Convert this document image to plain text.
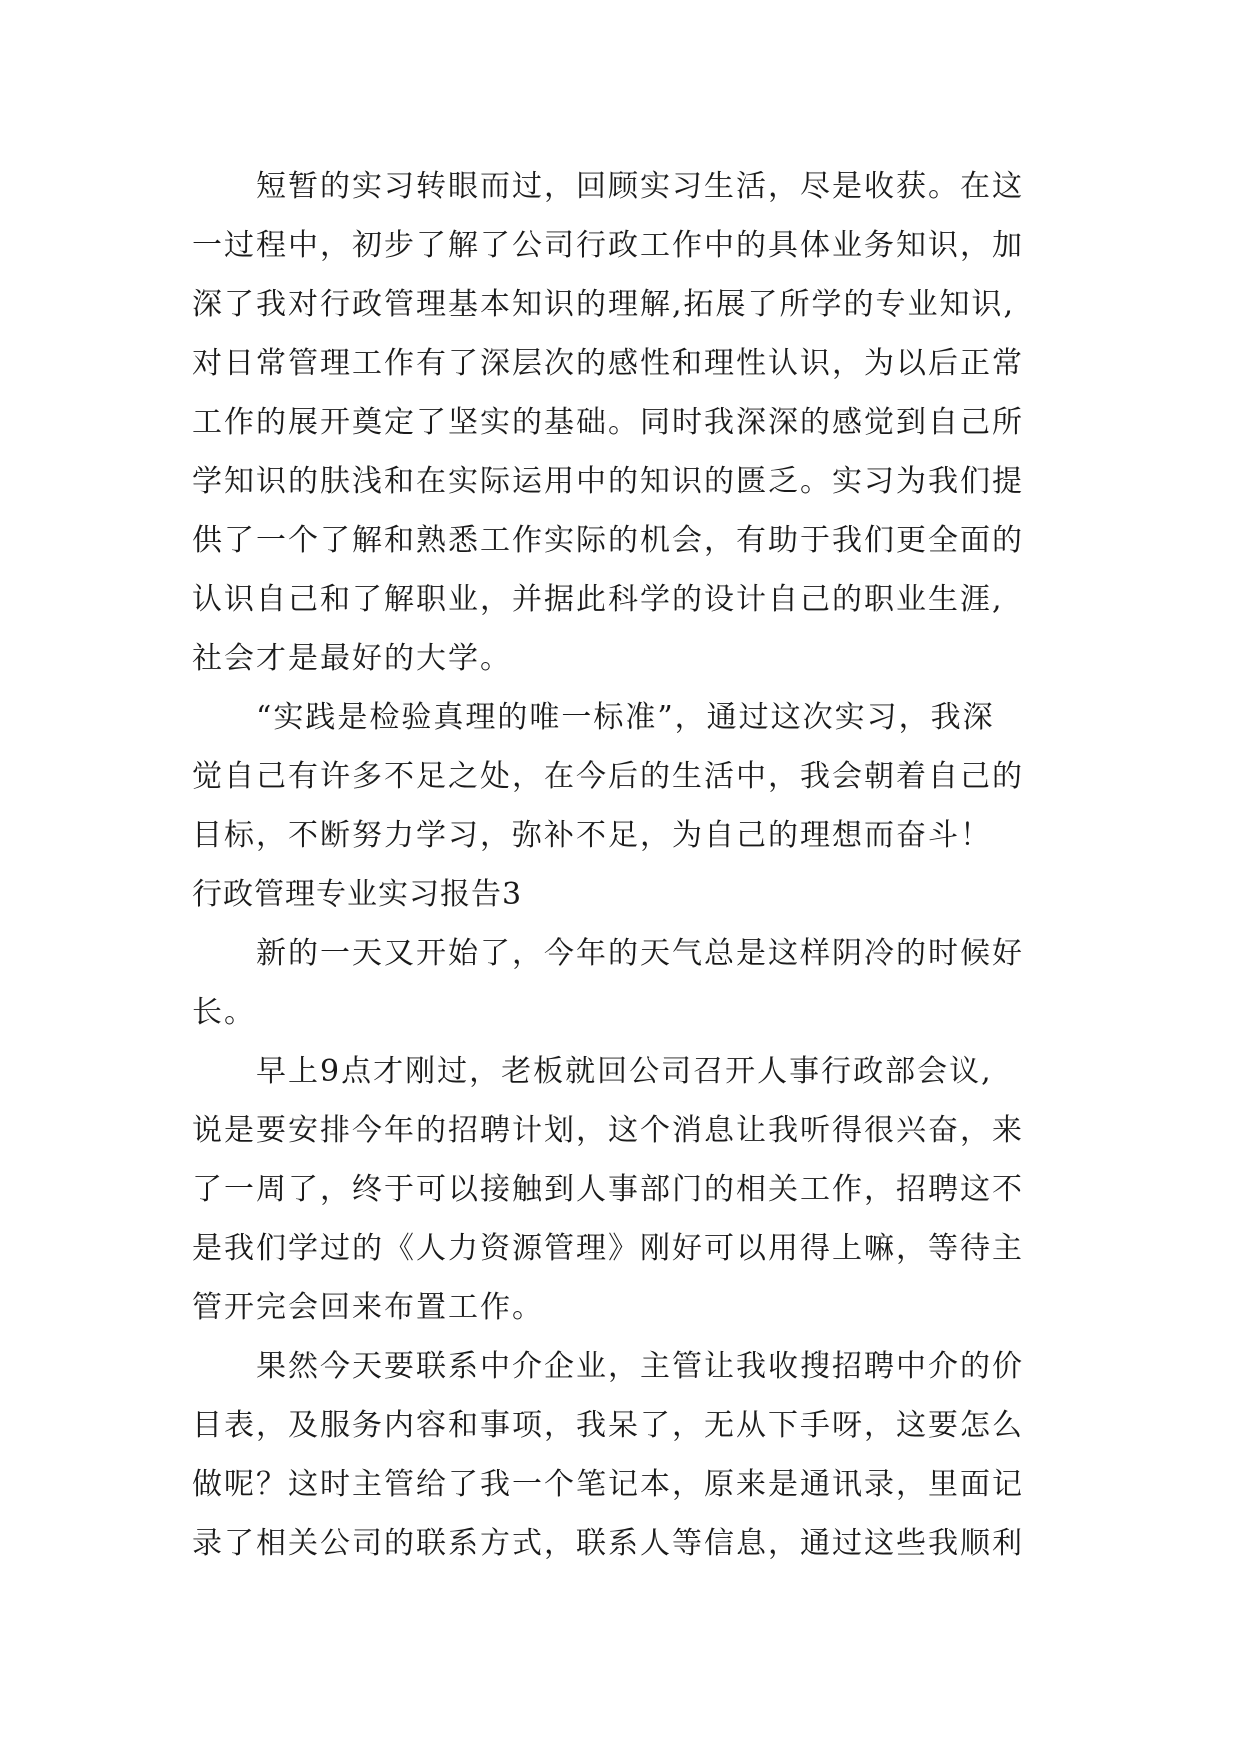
短暂的实习转眼而过，回顾实习生活，尽是收获。在这
一过程中，初步了解了公司行政工作中的具体业务知识，加
深了我对行政管理基本知识的理解,拓展了所学的专业知识,
对日常管理工作有了深层次的感性和理性认识，为以后正常
工作的展开奠定了坚实的基础。同时我深深的感觉到自己所
学知识的肤浅和在实际运用中的知识的匮乏。实习为我们提
供了一个了解和熟悉工作实际的机会，有助于我们更全面的
认识自己和了解职业，并据此科学的设计自己的职业生涯,
社会才是最好的大学。
“实践是检验真理的唯一标准”，通过这次实习，我深
觉自己有许多不足之处，在今后的生活中，我会朝着自己的
目标，不断努力学习，弥补不足，为自己的理想而奋斗！
行政管理专业实习报告3
新的一天又开始了，今年的天气总是这样阴冷的时候好
长。
早上9点才刚过，老板就回公司召开人事行政部会议,
说是要安排今年的招聘计划，这个消息让我听得很兴奋，来
了一周了，终于可以接触到人事部门的相关工作，招聘这不
是我们学过的《人力资源管理》刚好可以用得上嘛，等待主
管开完会回来布置工作。
果然今天要联系中介企业，主管让我收搜招聘中介的价
目表，及服务内容和事项，我呆了，无从下手呀，这要怎么
做呢？这时主管给了我一个笔记本，原来是通讯录，里面记
录了相关公司的联系方式，联系人等信息，通过这些我顺利
